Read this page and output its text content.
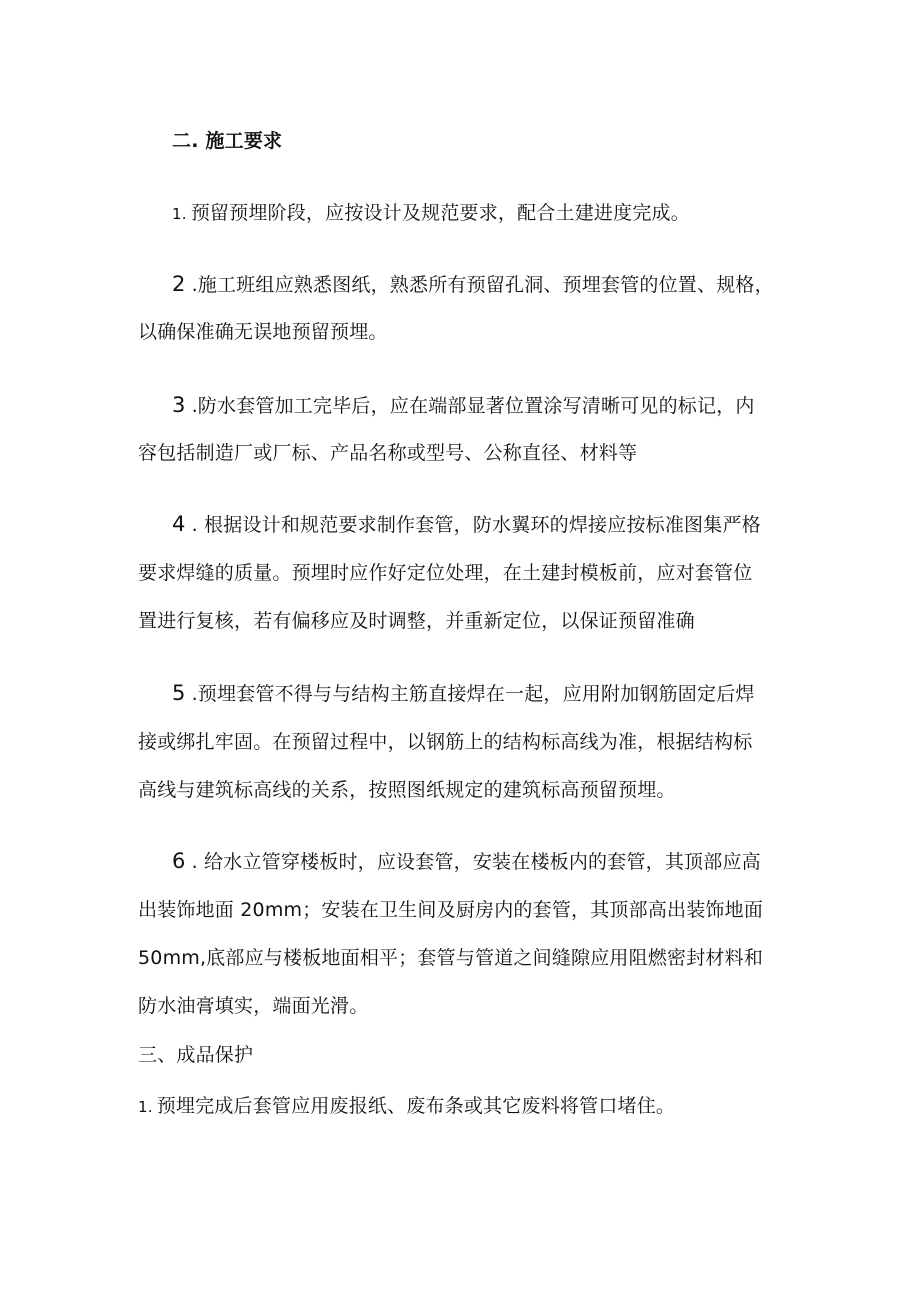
二. 施工要求
1. 预留预埋阶段，应按设计及规范要求，配合土建进度完成。
2 .施工班组应熟悉图纸，熟悉所有预留孔洞、预埋套管的位置、规格，
以确保准确无误地预留预埋。
3 .防水套管加工完毕后，应在端部显著位置涂写清晰可见的标记，内
容包括制造厂或厂标、产品名称或型号、公称直径、材料等
4 . 根据设计和规范要求制作套管，防水翼环的焊接应按标准图集严格
要求焊缝的质量。预埋时应作好定位处理，在土建封模板前，应对套管位
置进行复核，若有偏移应及时调整，并重新定位，以保证预留准确
5 .预埋套管不得与与结构主筋直接焊在一起，应用附加钢筋固定后焊
接或绑扎牢固。在预留过程中，以钢筋上的结构标高线为准，根据结构标
高线与建筑标高线的关系，按照图纸规定的建筑标高预留预埋。
6 . 给水立管穿楼板时，应设套管，安装在楼板内的套管，其顶部应高
出装饰地面 20mm；安装在卫生间及厨房内的套管，其顶部高出装饰地面
50mm,底部应与楼板地面相平；套管与管道之间缝隙应用阻燃密封材料和
防水油膏填实，端面光滑。
三、成品保护
1. 预埋完成后套管应用废报纸、废布条或其它废料将管口堵住。
